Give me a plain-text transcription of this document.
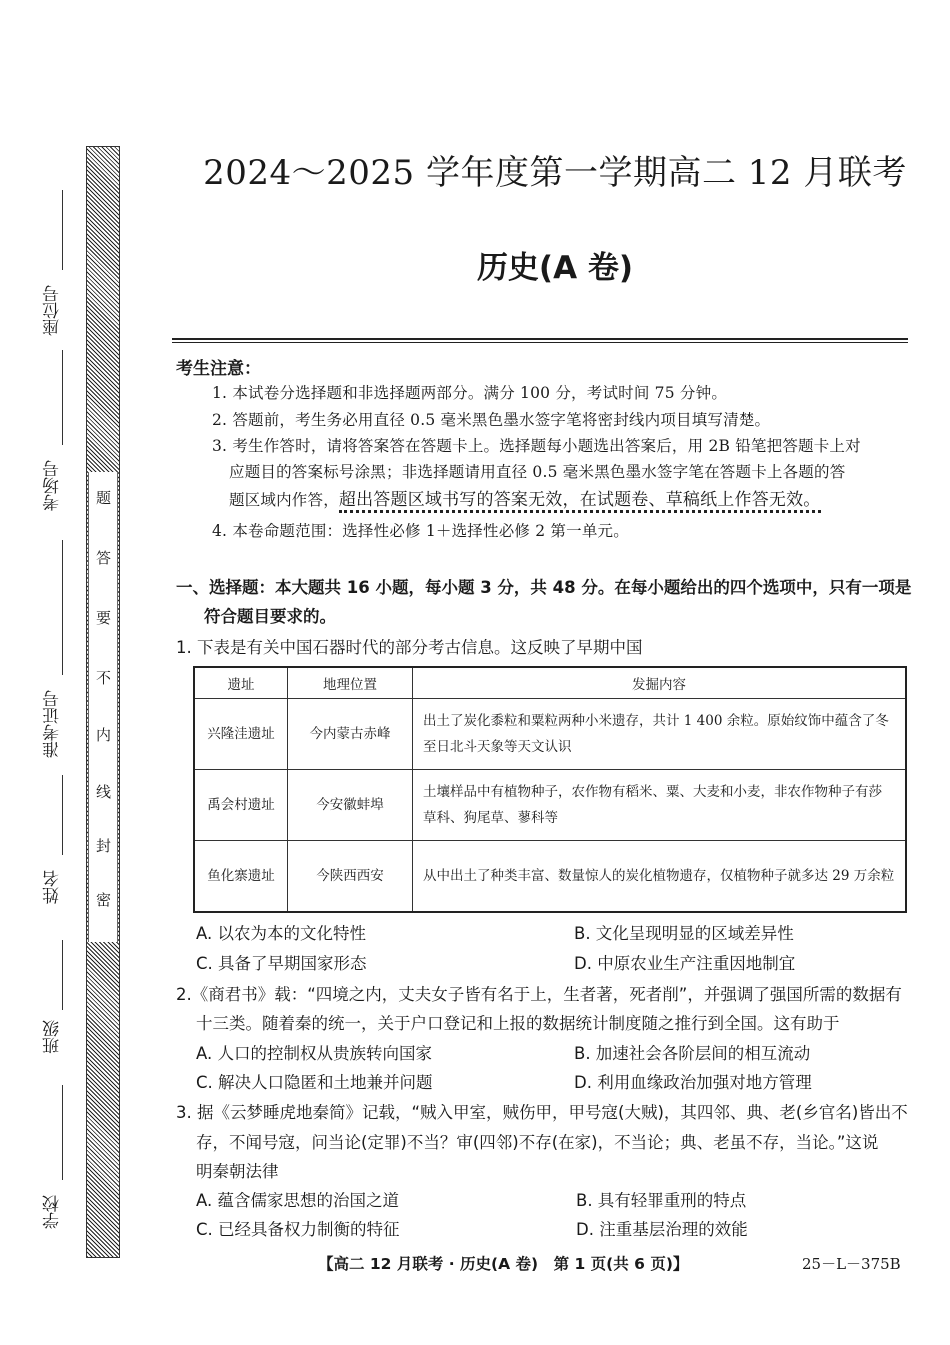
题
答
要
不
内
线
封
密
座位号
考场号
准考证号
姓名
班级
学校
2024～2025 学年度第一学期高二 12 月联考
历史(A 卷)
考生注意：
1. 本试卷分选择题和非选择题两部分。满分 100 分，考试时间 75 分钟。
2. 答题前，考生务必用直径 0.5 毫米黑色墨水签字笔将密封线内项目填写清楚。
3. 考生作答时，请将答案答在答题卡上。选择题每小题选出答案后，用 2B 铅笔把答题卡上对
应题目的答案标号涂黑；非选择题请用直径 0.5 毫米黑色墨水签字笔在答题卡上各题的答
题区域内作答，超出答题区域书写的答案无效，在试题卷、草稿纸上作答无效。
4. 本卷命题范围：选择性必修 1＋选择性必修 2 第一单元。
一、选择题：本大题共 16 小题，每小题 3 分，共 48 分。在每小题给出的四个选项中，只有一项是
符合题目要求的。
1. 下表是有关中国石器时代的部分考古信息。这反映了早期中国
遗址	地理位置	发掘内容
兴隆洼遗址	今内蒙古赤峰	出土了炭化黍粒和粟粒两种小米遗存，共计 1 400 余粒。原始纹饰中蕴含了冬至日北斗天象等天文认识
禹会村遗址	今安徽蚌埠	土壤样品中有植物种子，农作物有稻米、粟、大麦和小麦，非农作物种子有莎草科、狗尾草、蓼科等
鱼化寨遗址	今陕西西安	从中出土了种类丰富、数量惊人的炭化植物遗存，仅植物种子就多达 29 万余粒
A. 以农为本的文化特性	B. 文化呈现明显的区域差异性
C. 具备了早期国家形态	D. 中原农业生产注重因地制宜
2.《商君书》载：“四境之内，丈夫女子皆有名于上，生者著，死者削”，并强调了强国所需的数据有
十三类。随着秦的统一，关于户口登记和上报的数据统计制度随之推行到全国。这有助于
A. 人口的控制权从贵族转向国家	B. 加速社会各阶层间的相互流动
C. 解决人口隐匿和土地兼并问题	D. 利用血缘政治加强对地方管理
3. 据《云梦睡虎地秦简》记载，“贼入甲室，贼伤甲，甲号寇(大贼)，其四邻、典、老(乡官名)皆出不
存，不闻号寇，问当论(定罪)不当？审(四邻)不存(在家)，不当论；典、老虽不存，当论。”这说
明秦朝法律
A. 蕴含儒家思想的治国之道	B. 具有轻罪重刑的特点
C. 已经具备权力制衡的特征	D. 注重基层治理的效能
【高二 12 月联考 · 历史(A 卷)　第 1 页(共 6 页)】	25－L－375B
